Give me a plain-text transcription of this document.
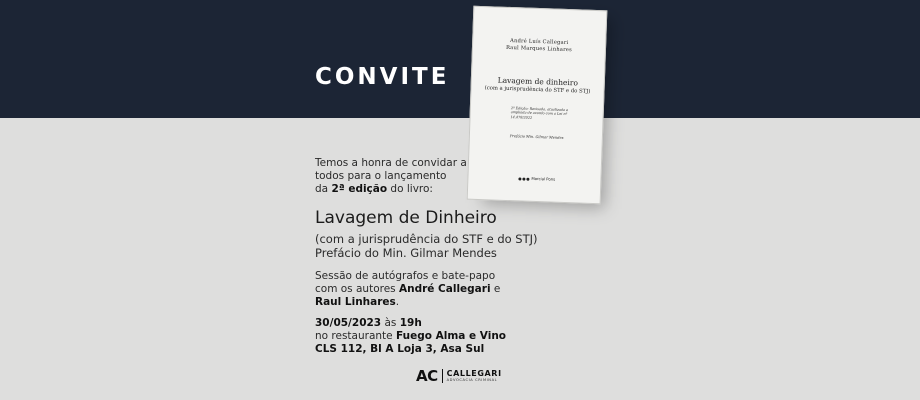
CONVITE
André Luís Callegari
Raul Marques Linhares
Lavagem de dinheiro
(com a jurisprudência do STF e do STJ)
2ª Edição: Revisada, atualizada e ampliada de acordo com a Lei nº 14.478/2022
Prefácio Min. Gilmar Mendes
Marcial Pons
Temos a honra de convidar a
todos para o lançamento
da 2ª edição do livro:
Lavagem de Dinheiro
(com a jurisprudência do STF e do STJ)
Prefácio do Min. Gilmar Mendes
Sessão de autógrafos e bate-papo
com os autores André Callegari e
Raul Linhares.
30/05/2023 às 19h
no restaurante Fuego Alma e Vino
CLS 112, Bl A Loja 3, Asa Sul
AC CALLEGARI
ADVOCACIA CRIMINAL
